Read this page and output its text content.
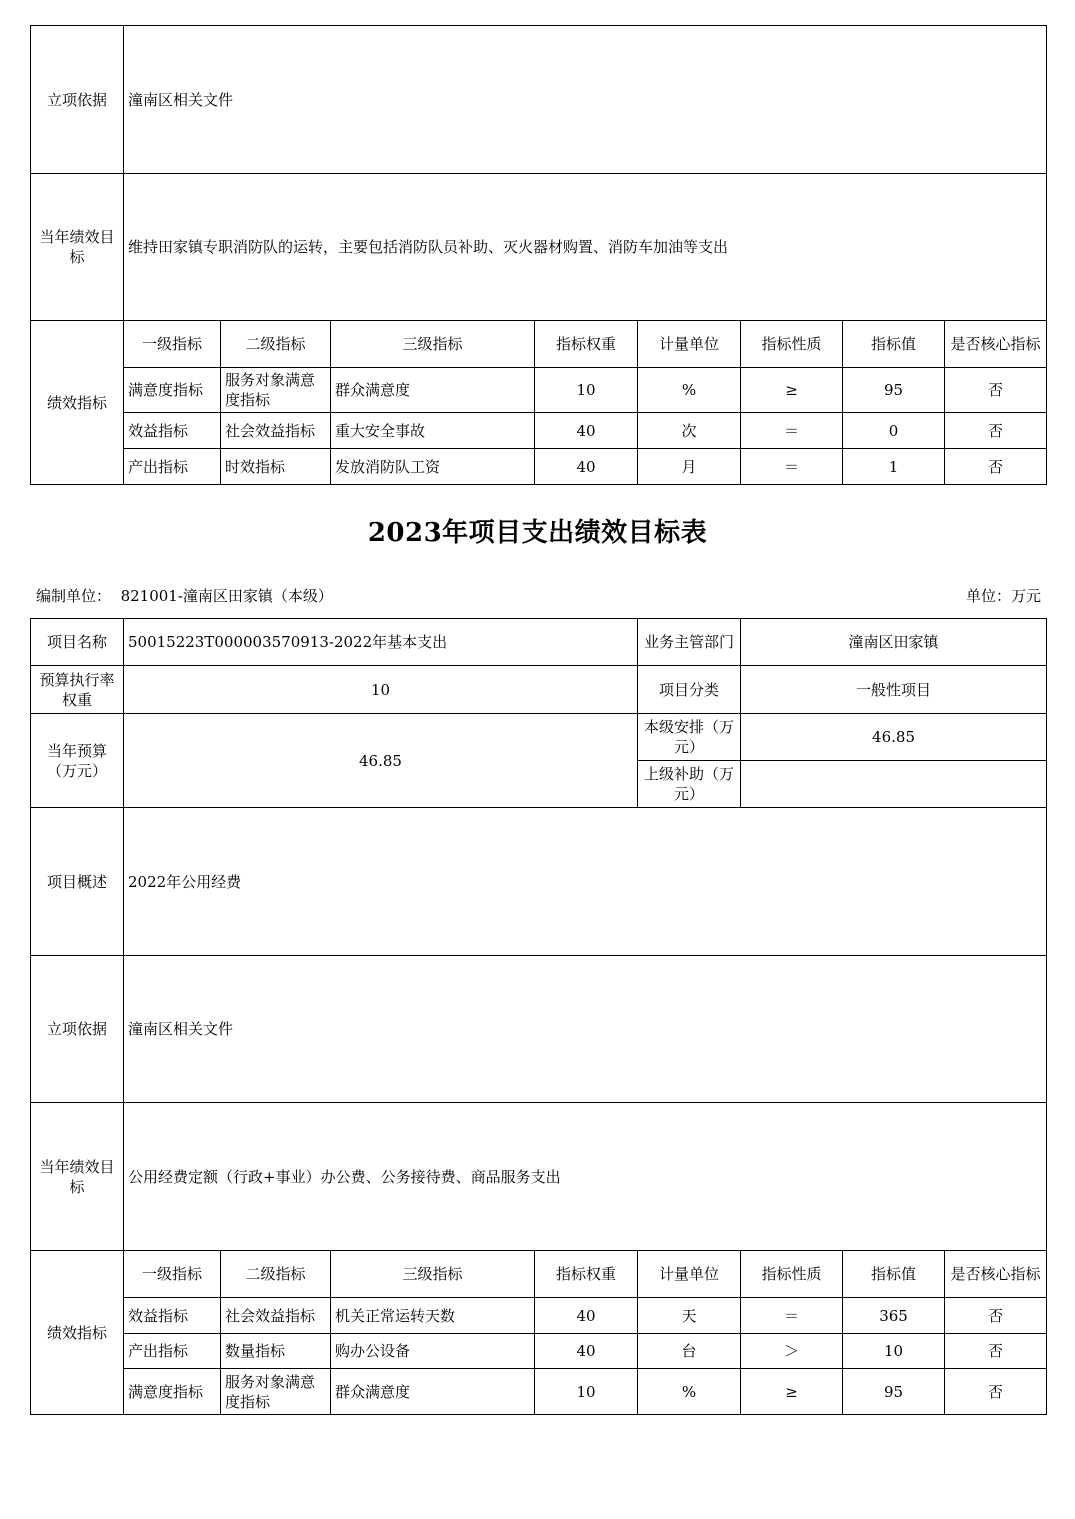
立项依据	潼南区相关文件							
当年绩效目标	维持田家镇专职消防队的运转，主要包括消防队员补助、灭火器材购置、消防车加油等支出							
绩效指标	一级指标	二级指标	三级指标	指标权重	计量单位	指标性质	指标值	是否核心指标
	满意度指标	服务对象满意度指标	群众满意度	10	%	≥	95	否
	效益指标	社会效益指标	重大安全事故	40	次	＝	0	否
	产出指标	时效指标	发放消防队工资	40	月	＝	1	否
2023年项目支出绩效目标表
编制单位： 821001-潼南区田家镇（本级）	单位：万元
项目名称	50015223T000003570913-2022年基本支出				业务主管部门	潼南区田家镇		
预算执行率权重	10				项目分类	一般性项目		
当年预算（万元）	46.85				本级安排（万元）	46.85		
					上级补助（万元）			
项目概述	2022年公用经费							
立项依据	潼南区相关文件							
当年绩效目标	公用经费定额（行政+事业）办公费、公务接待费、商品服务支出							
绩效指标	一级指标	二级指标	三级指标	指标权重	计量单位	指标性质	指标值	是否核心指标
	效益指标	社会效益指标	机关正常运转天数	40	天	＝	365	否
	产出指标	数量指标	购办公设备	40	台	＞	10	否
	满意度指标	服务对象满意度指标	群众满意度	10	%	≥	95	否
